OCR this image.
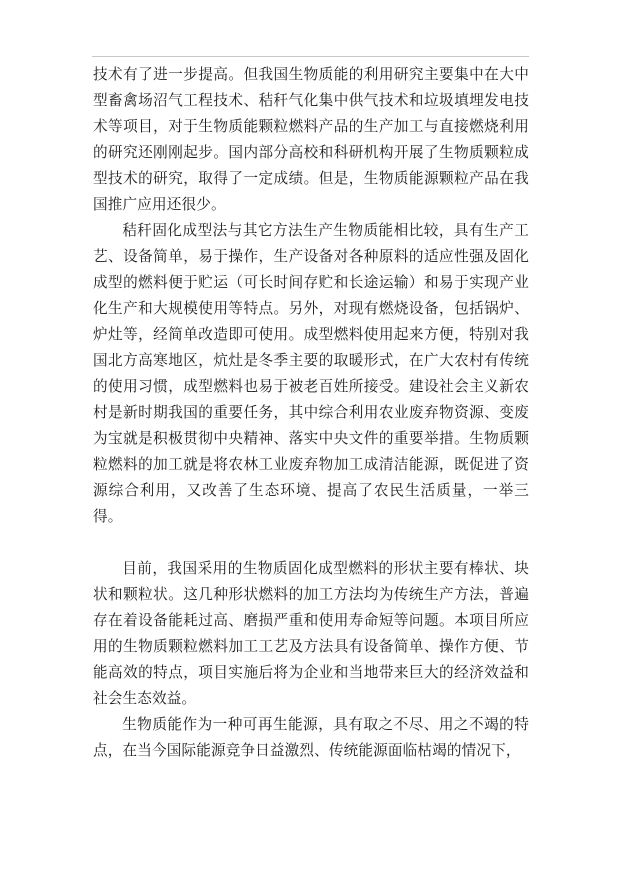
技术有了进一步提高。但我国生物质能的利用研究主要集中在大中型畜禽场沼气工程技术、秸秆气化集中供气技术和垃圾填埋发电技术等项目，对于生物质能颗粒燃料产品的生产加工与直接燃烧利用的研究还刚刚起步。国内部分高校和科研机构开展了生物质颗粒成型技术的研究，取得了一定成绩。但是，生物质能源颗粒产品在我国推广应用还很少。

秸秆固化成型法与其它方法生产生物质能相比较，具有生产工艺、设备简单，易于操作，生产设备对各种原料的适应性强及固化成型的燃料便于贮运（可长时间存贮和长途运输）和易于实现产业化生产和大规模使用等特点。另外，对现有燃烧设备，包括锅炉、炉灶等，经简单改造即可使用。成型燃料使用起来方便，特别对我国北方高寒地区，炕灶是冬季主要的取暖形式，在广大农村有传统的使用习惯，成型燃料也易于被老百姓所接受。建设社会主义新农村是新时期我国的重要任务，其中综合利用农业废弃物资源、变废为宝就是积极贯彻中央精神、落实中央文件的重要举措。生物质颗粒燃料的加工就是将农林工业废弃物加工成清洁能源，既促进了资源综合利用，又改善了生态环境、提高了农民生活质量，一举三得。

目前，我国采用的生物质固化成型燃料的形状主要有棒状、块状和颗粒状。这几种形状燃料的加工方法均为传统生产方法，普遍存在着设备能耗过高、磨损严重和使用寿命短等问题。本项目所应用的生物质颗粒燃料加工工艺及方法具有设备简单、操作方便、节能高效的特点，项目实施后将为企业和当地带来巨大的经济效益和社会生态效益。

生物质能作为一种可再生能源，具有取之不尽、用之不竭的特点，在当今国际能源竞争日益激烈、传统能源面临枯竭的情况下，
